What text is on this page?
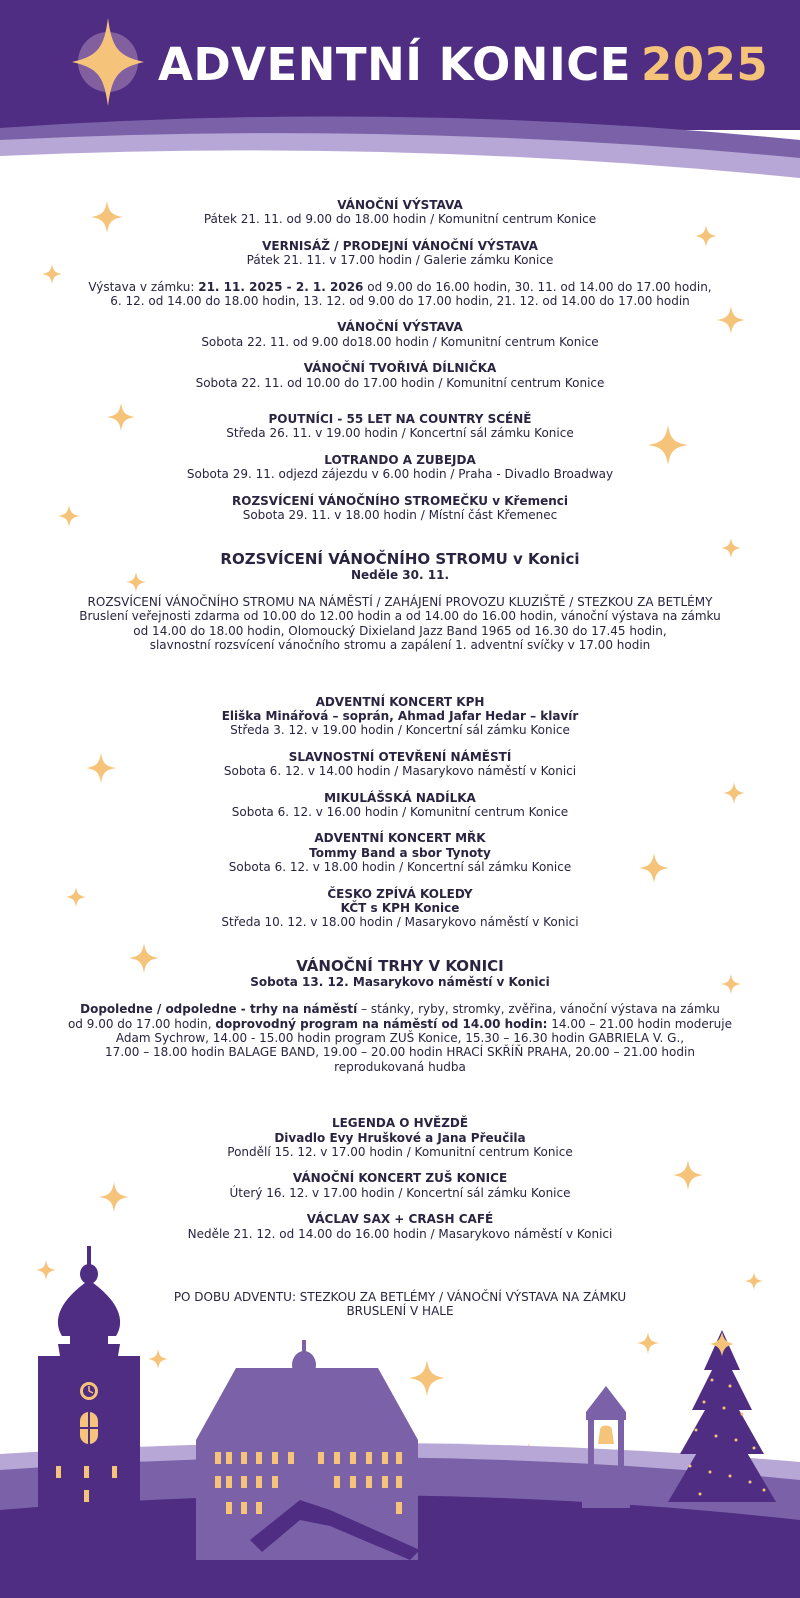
ADVENTNÍ KONICE 2025
VÁNOČNÍ VÝSTAVA
Pátek 21. 11. od 9.00 do 18.00 hodin / Komunitní centrum Konice
VERNISÁŽ / PRODEJNÍ VÁNOČNÍ VÝSTAVA
Pátek 21. 11. v 17.00 hodin / Galerie zámku Konice
Výstava v zámku: 21. 11. 2025 - 2. 1. 2026 od 9.00 do 16.00 hodin, 30. 11. od 14.00 do 17.00 hodin,
6. 12. od 14.00 do 18.00 hodin, 13. 12. od 9.00 do 17.00 hodin, 21. 12. od 14.00 do 17.00 hodin
VÁNOČNÍ VÝSTAVA
Sobota 22. 11. od 9.00 do18.00 hodin / Komunitní centrum Konice
VÁNOČNÍ TVOŘIVÁ DÍLNIČKA
Sobota 22. 11. od 10.00 do 17.00 hodin / Komunitní centrum Konice
POUTNÍCI - 55 LET NA COUNTRY SCÉNĚ
Středa 26. 11. v 19.00 hodin / Koncertní sál zámku Konice
LOTRANDO A ZUBEJDA
Sobota 29. 11. odjezd zájezdu v 6.00 hodin / Praha - Divadlo Broadway
ROZSVÍCENÍ VÁNOČNÍHO STROMEČKU v Křemenci
Sobota 29. 11. v 18.00 hodin / Místní část Křemenec
ROZSVÍCENÍ VÁNOČNÍHO STROMU v Konici
Neděle 30. 11.
ROZSVÍCENÍ VÁNOČNÍHO STROMU NA NÁMĚSTÍ / ZAHÁJENÍ PROVOZU KLUZIŠTĚ / STEZKOU ZA BETLÉMY
Bruslení veřejnosti zdarma od 10.00 do 12.00 hodin a od 14.00 do 16.00 hodin, vánoční výstava na zámku
od 14.00 do 18.00 hodin, Olomoucký Dixieland Jazz Band 1965 od 16.30 do 17.45 hodin,
slavnostní rozsvícení vánočního stromu a zapálení 1. adventní svíčky v 17.00 hodin
ADVENTNÍ KONCERT KPH
Eliška Minářová – soprán, Ahmad Jafar Hedar – klavír
Středa 3. 12. v 19.00 hodin / Koncertní sál zámku Konice
SLAVNOSTNÍ OTEVŘENÍ NÁMĚSTÍ
Sobota 6. 12. v 14.00 hodin / Masarykovo náměstí v Konici
MIKULÁŠSKÁ NADÍLKA
Sobota 6. 12. v 16.00 hodin / Komunitní centrum Konice
ADVENTNÍ KONCERT MŘK
Tommy Band a sbor Tynoty
Sobota 6. 12. v 18.00 hodin / Koncertní sál zámku Konice
ČESKO ZPÍVÁ KOLEDY
KČT s KPH Konice
Středa 10. 12. v 18.00 hodin / Masarykovo náměstí v Konici
VÁNOČNÍ TRHY V KONICI
Sobota 13. 12. Masarykovo náměstí v Konici
Dopoledne / odpoledne - trhy na náměstí – stánky, ryby, stromky, zvěřina, vánoční výstava na zámku
od 9.00 do 17.00 hodin, doprovodný program na náměstí od 14.00 hodin: 14.00 – 21.00 hodin moderuje
Adam Sychrow, 14.00 - 15.00 hodin program ZUŠ Konice, 15.30 – 16.30 hodin GABRIELA V. G.,
17.00 – 18.00 hodin BALAGE BAND, 19.00 – 20.00 hodin HRACÍ SKŘÍŇ PRAHA, 20.00 – 21.00 hodin
reprodukovaná hudba
LEGENDA O HVĚZDĚ
Divadlo Evy Hruškové a Jana Přeučila
Pondělí 15. 12. v 17.00 hodin / Komunitní centrum Konice
VÁNOČNÍ KONCERT ZUŠ KONICE
Úterý 16. 12. v 17.00 hodin / Koncertní sál zámku Konice
VÁCLAV SAX + CRASH CAFÉ
Neděle 21. 12. od 14.00 do 16.00 hodin / Masarykovo náměstí v Konici
PO DOBU ADVENTU: STEZKOU ZA BETLÉMY / VÁNOČNÍ VÝSTAVA NA ZÁMKU
BRUSLENÍ V HALE
